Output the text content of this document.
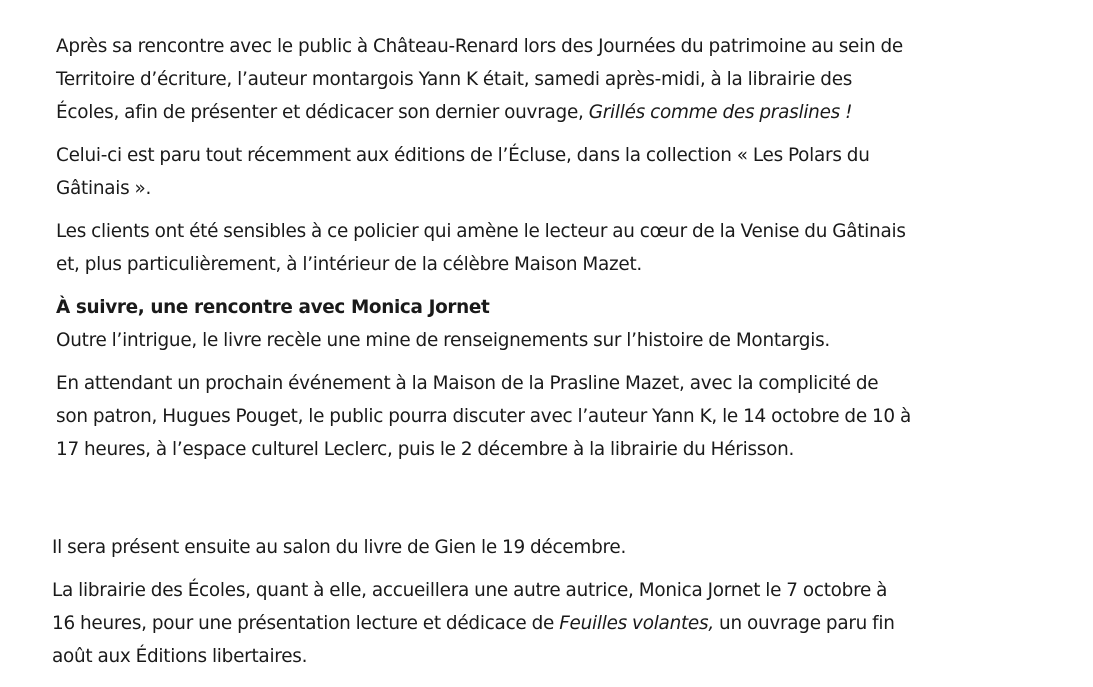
Après sa rencontre avec le public à Château-Renard lors des Journées du patrimoine au sein de
Territoire d’écriture, l’auteur montargois Yann K était, samedi après-midi, à la librairie des
Écoles, afin de présenter et dédicacer son dernier ouvrage, Grillés comme des praslines !

Celui-ci est paru tout récemment aux éditions de l’Écluse, dans la collection « Les Polars du
Gâtinais ».

Les clients ont été sensibles à ce policier qui amène le lecteur au cœur de la Venise du Gâtinais
et, plus particulièrement, à l’intérieur de la célèbre Maison Mazet.

À suivre, une rencontre avec Monica Jornet

Outre l’intrigue, le livre recèle une mine de renseignements sur l’histoire de Montargis.

En attendant un prochain événement à la Maison de la Prasline Mazet, avec la complicité de
son patron, Hugues Pouget, le public pourra discuter avec l’auteur Yann K, le 14 octobre de 10 à
17 heures, à l’espace culturel Leclerc, puis le 2 décembre à la librairie du Hérisson.

Il sera présent ensuite au salon du livre de Gien le 19 décembre.

La librairie des Écoles, quant à elle, accueillera une autre autrice, Monica Jornet le 7 octobre à
16 heures, pour une présentation lecture et dédicace de Feuilles volantes, un ouvrage paru fin
août aux Éditions libertaires.
